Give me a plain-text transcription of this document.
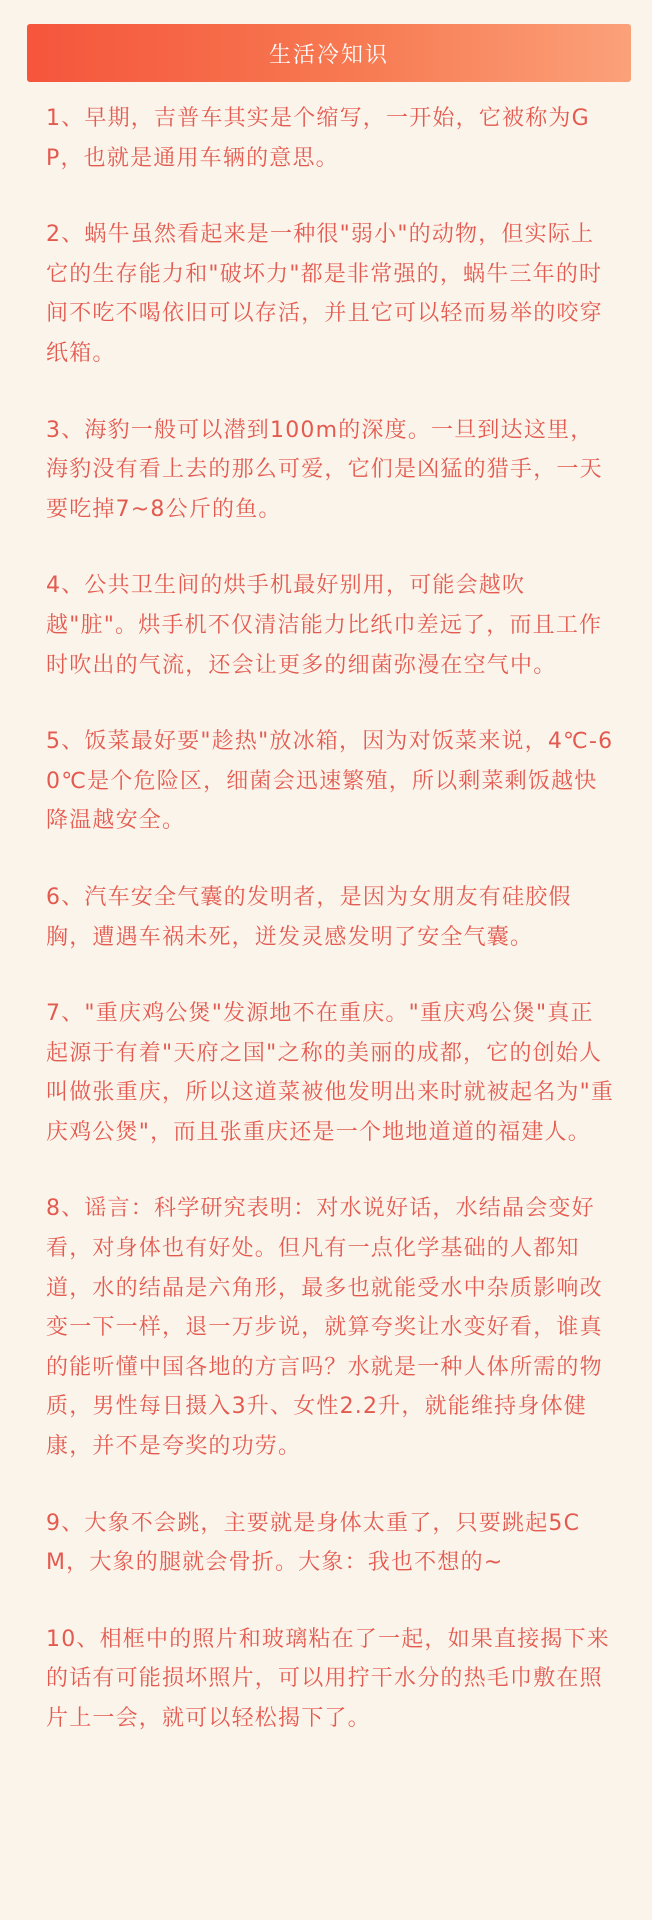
生活冷知识

1、早期，吉普车其实是个缩写，一开始，它被称为GP，也就是通用车辆的意思。

2、蜗牛虽然看起来是一种很"弱小"的动物，但实际上它的生存能力和"破坏力"都是非常强的，蜗牛三年的时间不吃不喝依旧可以存活，并且它可以轻而易举的咬穿纸箱。

3、海豹一般可以潜到100m的深度。一旦到达这里，海豹没有看上去的那么可爱，它们是凶猛的猎手，一天要吃掉7~8公斤的鱼。

4、公共卫生间的烘手机最好别用，可能会越吹越"脏"。烘手机不仅清洁能力比纸巾差远了，而且工作时吹出的气流，还会让更多的细菌弥漫在空气中。

5、饭菜最好要"趁热"放冰箱，因为对饭菜来说，4℃-60℃是个危险区，细菌会迅速繁殖，所以剩菜剩饭越快降温越安全。

6、汽车安全气囊的发明者，是因为女朋友有硅胶假胸，遭遇车祸未死，迸发灵感发明了安全气囊。

7、"重庆鸡公煲"发源地不在重庆。"重庆鸡公煲"真正起源于有着"天府之国"之称的美丽的成都，它的创始人叫做张重庆，所以这道菜被他发明出来时就被起名为"重庆鸡公煲"，而且张重庆还是一个地地道道的福建人。

8、谣言：科学研究表明：对水说好话，水结晶会变好看，对身体也有好处。但凡有一点化学基础的人都知道，水的结晶是六角形，最多也就能受水中杂质影响改变一下一样，退一万步说，就算夸奖让水变好看，谁真的能听懂中国各地的方言吗？水就是一种人体所需的物质，男性每日摄入3升、女性2.2升，就能维持身体健康，并不是夸奖的功劳。

9、大象不会跳，主要就是身体太重了，只要跳起5CM，大象的腿就会骨折。大象：我也不想的~

10、相框中的照片和玻璃粘在了一起，如果直接揭下来的话有可能损坏照片，可以用拧干水分的热毛巾敷在照片上一会，就可以轻松揭下了。
